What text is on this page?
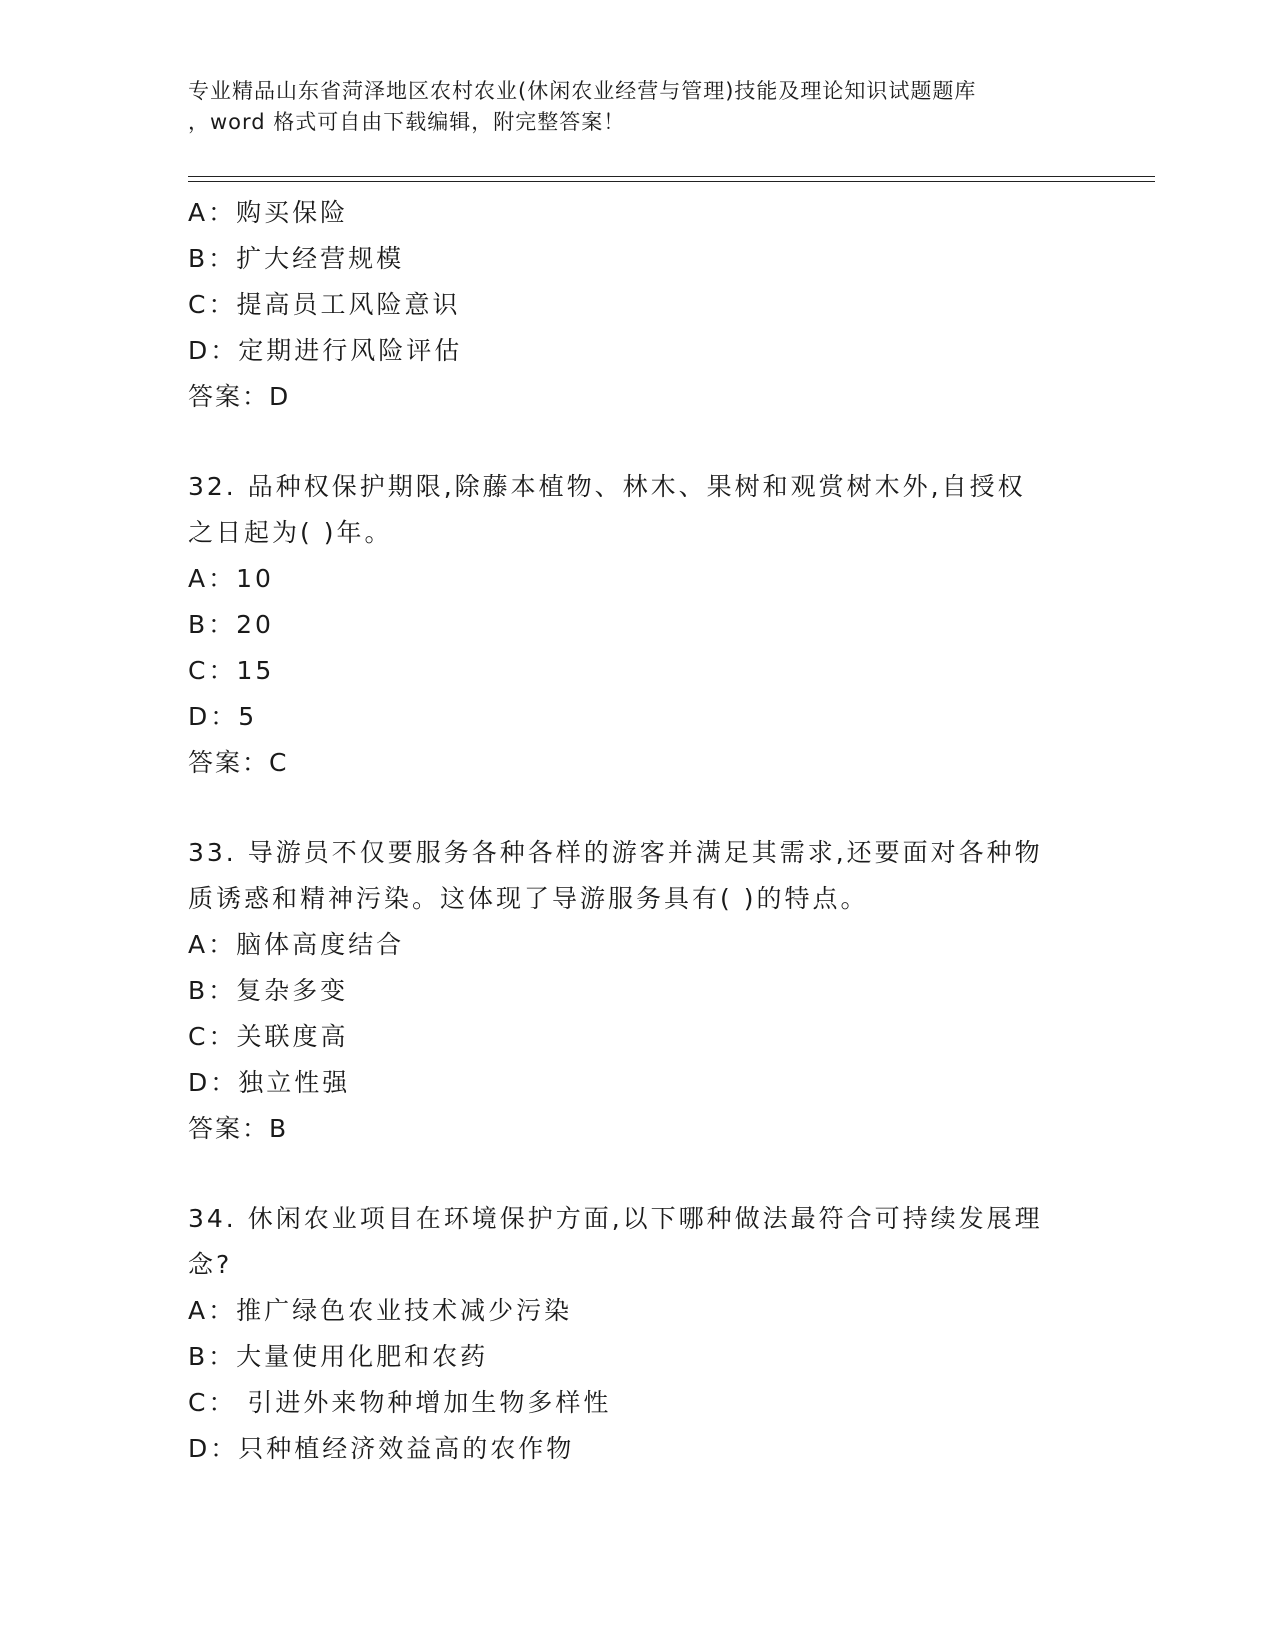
专业精品山东省菏泽地区农村农业(休闲农业经营与管理)技能及理论知识试题题库
，word 格式可自由下载编辑，附完整答案！
A：购买保险
B：扩大经营规模
C：提高员工风险意识
D：定期进行风险评估
答案：D
32. 品种权保护期限,除藤本植物、林木、果树和观赏树木外,自授权
之日起为( )年。
A：10
B：20
C：15
D：5
答案：C
33. 导游员不仅要服务各种各样的游客并满足其需求,还要面对各种物
质诱惑和精神污染。这体现了导游服务具有( )的特点。
A：脑体高度结合
B：复杂多变
C：关联度高
D：独立性强
答案：B
34. 休闲农业项目在环境保护方面,以下哪种做法最符合可持续发展理
念?
A：推广绿色农业技术减少污染
B：大量使用化肥和农药
C： 引进外来物种增加生物多样性
D：只种植经济效益高的农作物
